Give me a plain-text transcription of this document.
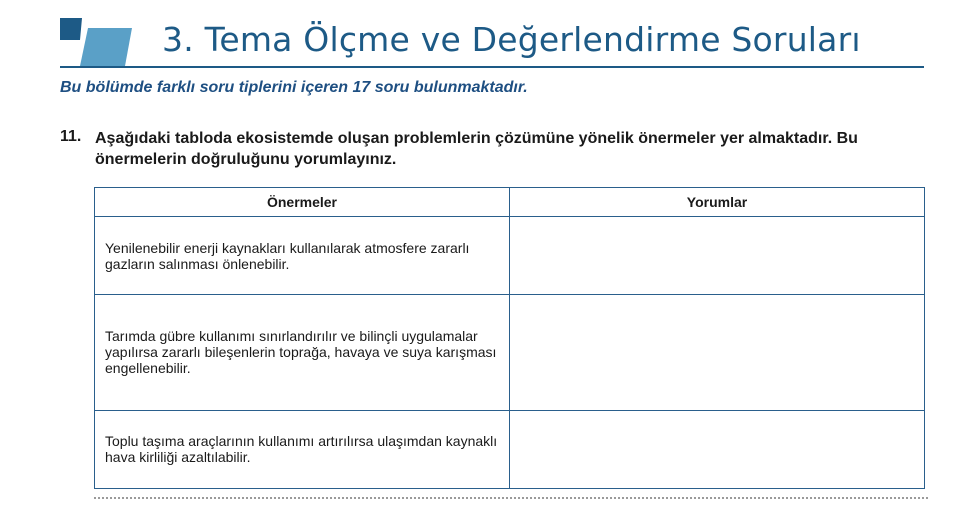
3. Tema Ölçme ve Değerlendirme Soruları
Bu bölümde farklı soru tiplerini içeren 17 soru bulunmaktadır.
11. Aşağıdaki tabloda ekosistemde oluşan problemlerin çözümüne yönelik önermeler yer almaktadır. Bu önermelerin doğruluğunu yorumlayınız.
Önermeler	Yorumlar
Yenilenebilir enerji kaynakları kullanılarak atmosfere zararlı gazların salınması önlenebilir.	
Tarımda gübre kullanımı sınırlandırılır ve bilinçli uygulamalar yapılırsa zararlı bileşenlerin toprağa, havaya ve suya karışması engellenebilir.	
Toplu taşıma araçlarının kullanımı artırılırsa ulaşımdan kaynaklı hava kirliliği azaltılabilir.	
